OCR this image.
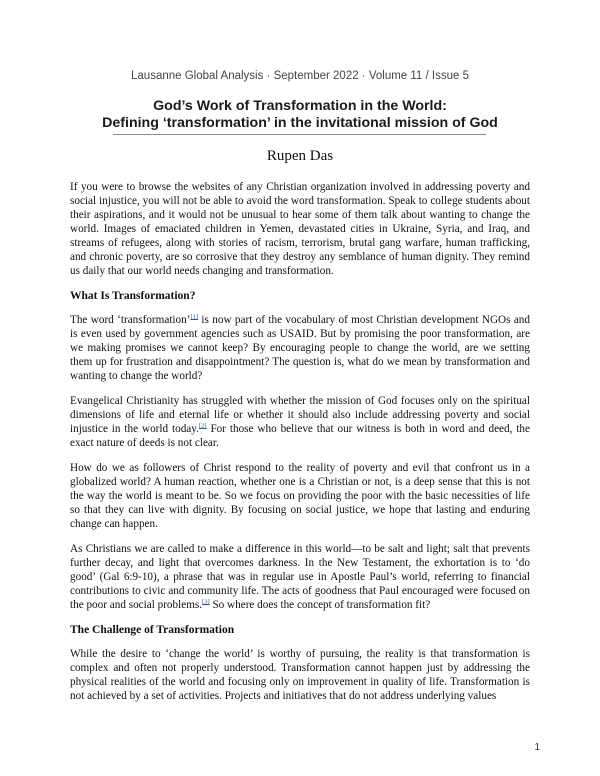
Lausanne Global Analysis · September 2022 · Volume 11 / Issue 5
God’s Work of Transformation in the World:
Defining ‘transformation’ in the invitational mission of God
Rupen Das

If you were to browse the websites of any Christian organization involved in addressing poverty and social injustice, you will not be able to avoid the word transformation. Speak to college students about their aspirations, and it would not be unusual to hear some of them talk about wanting to change the world. Images of emaciated children in Yemen, devastated cities in Ukraine, Syria, and Iraq, and streams of refugees, along with stories of racism, terrorism, brutal gang warfare, human trafficking, and chronic poverty, are so corrosive that they destroy any semblance of human dignity. They remind us daily that our world needs changing and transformation.

What Is Transformation?

The word ‘transformation’[1] is now part of the vocabulary of most Christian development NGOs and is even used by government agencies such as USAID. But by promising the poor transformation, are we making promises we cannot keep? By encouraging people to change the world, are we setting them up for frustration and disappointment? The question is, what do we mean by transformation and wanting to change the world?

Evangelical Christianity has struggled with whether the mission of God focuses only on the spiritual dimensions of life and eternal life or whether it should also include addressing poverty and social injustice in the world today.[2] For those who believe that our witness is both in word and deed, the exact nature of deeds is not clear.

How do we as followers of Christ respond to the reality of poverty and evil that confront us in a globalized world? A human reaction, whether one is a Christian or not, is a deep sense that this is not the way the world is meant to be. So we focus on providing the poor with the basic necessities of life so that they can live with dignity. By focusing on social justice, we hope that lasting and enduring change can happen.

As Christians we are called to make a difference in this world—to be salt and light; salt that prevents further decay, and light that overcomes darkness. In the New Testament, the exhortation is to ‘do good’ (Gal 6:9-10), a phrase that was in regular use in Apostle Paul’s world, referring to financial contributions to civic and community life. The acts of goodness that Paul encouraged were focused on the poor and social problems.[3] So where does the concept of transformation fit?

The Challenge of Transformation

While the desire to ‘change the world’ is worthy of pursuing, the reality is that transformation is complex and often not properly understood. Transformation cannot happen just by addressing the physical realities of the world and focusing only on improvement in quality of life. Transformation is not achieved by a set of activities. Projects and initiatives that do not address underlying values

1
